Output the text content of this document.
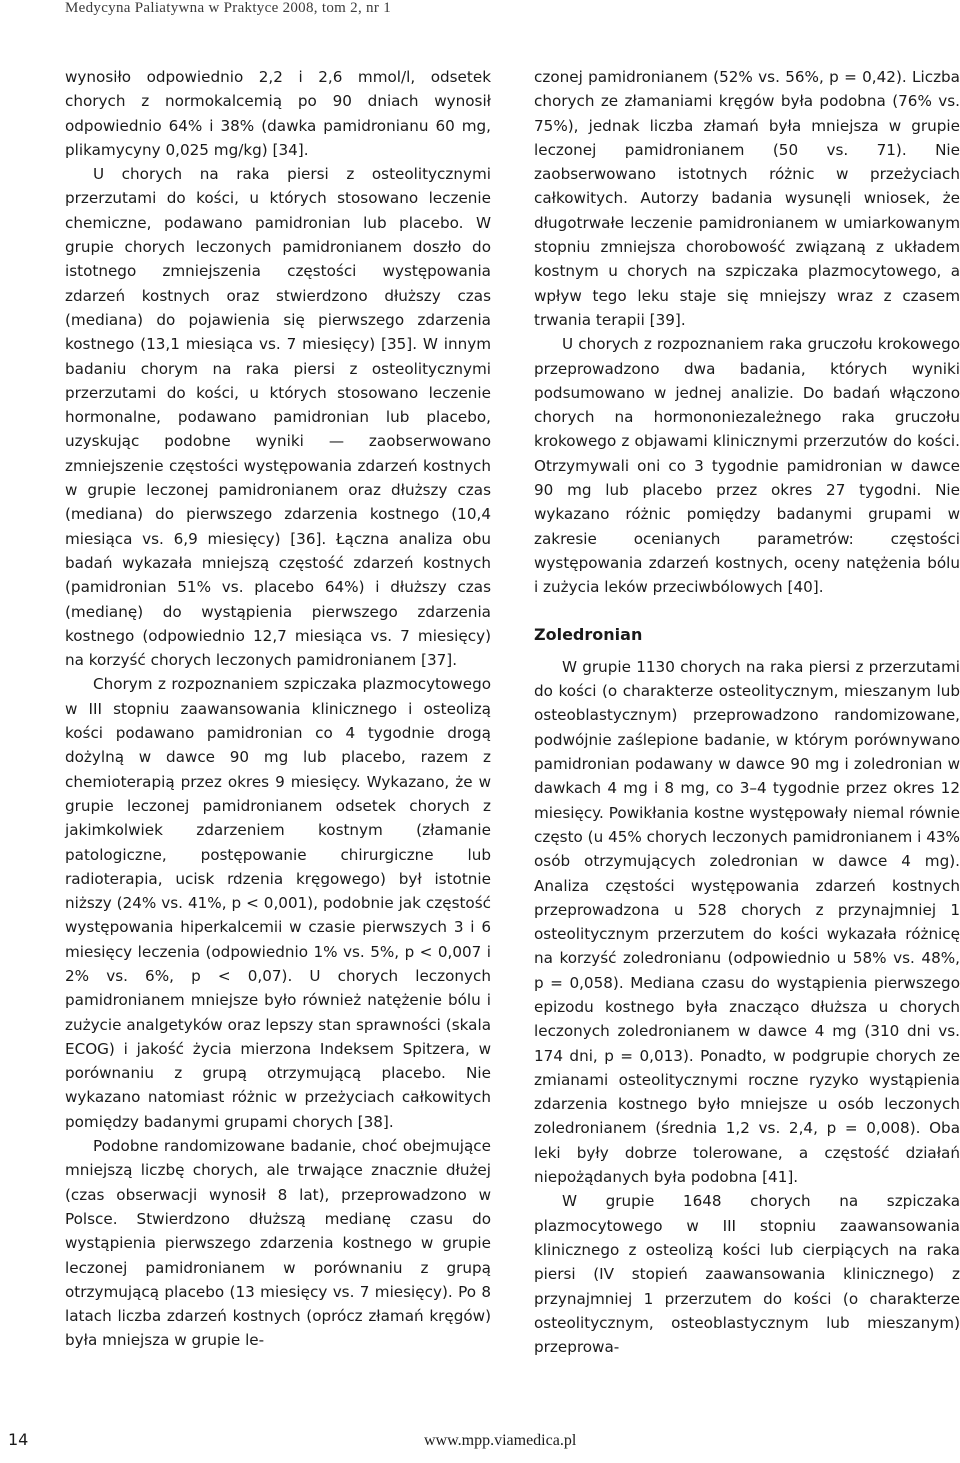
Medycyna Paliatywna w Praktyce 2008, tom 2, nr 1

wynosiło odpowiednio 2,2 i 2,6 mmol/l, odsetek chorych z normokalcemią po 90 dniach wynosił odpowiednio 64% i 38% (dawka pamidronianu 60 mg, plikamycyny 0,025 mg/kg) [34].

U chorych na raka piersi z osteolitycznymi przerzutami do kości, u których stosowano leczenie chemiczne, podawano pamidronian lub placebo. W grupie chorych leczonych pamidronianem doszło do istotnego zmniejszenia częstości występowania zdarzeń kostnych oraz stwierdzono dłuższy czas (mediana) do pojawienia się pierwszego zdarzenia kostnego (13,1 miesiąca vs. 7 miesięcy) [35]. W innym badaniu chorym na raka piersi z osteolitycznymi przerzutami do kości, u których stosowano leczenie hormonalne, podawano pamidronian lub placebo, uzyskując podobne wyniki — zaobserwowano zmniejszenie częstości występowania zdarzeń kostnych w grupie leczonej pamidronianem oraz dłuższy czas (mediana) do pierwszego zdarzenia kostnego (10,4 miesiąca vs. 6,9 miesięcy) [36]. Łączna analiza obu badań wykazała mniejszą częstość zdarzeń kostnych (pamidronian 51% vs. placebo 64%) i dłuższy czas (medianę) do wystąpienia pierwszego zdarzenia kostnego (odpowiednio 12,7 miesiąca vs. 7 miesięcy) na korzyść chorych leczonych pamidronianem [37].

Chorym z rozpoznaniem szpiczaka plazmocytowego w III stopniu zaawansowania klinicznego i osteolizą kości podawano pamidronian co 4 tygodnie drogą dożylną w dawce 90 mg lub placebo, razem z chemioterapią przez okres 9 miesięcy. Wykazano, że w grupie leczonej pamidronianem odsetek chorych z jakimkolwiek zdarzeniem kostnym (złamanie patologiczne, postępowanie chirurgiczne lub radioterapia, ucisk rdzenia kręgowego) był istotnie niższy (24% vs. 41%, p < 0,001), podobnie jak częstość występowania hiperkalcemii w czasie pierwszych 3 i 6 miesięcy leczenia (odpowiednio 1% vs. 5%, p < 0,007 i 2% vs. 6%, p < 0,07). U chorych leczonych pamidronianem mniejsze było również natężenie bólu i zużycie analgetyków oraz lepszy stan sprawności (skala ECOG) i jakość życia mierzona Indeksem Spitzera, w porównaniu z grupą otrzymującą placebo. Nie wykazano natomiast różnic w przeżyciach całkowitych pomiędzy badanymi grupami chorych [38].

Podobne randomizowane badanie, choć obejmujące mniejszą liczbę chorych, ale trwające znacznie dłużej (czas obserwacji wynosił 8 lat), przeprowadzono w Polsce. Stwierdzono dłuższą medianę czasu do wystąpienia pierwszego zdarzenia kostnego w grupie leczonej pamidronianem w porównaniu z grupą otrzymującą placebo (13 miesięcy vs. 7 miesięcy). Po 8 latach liczba zdarzeń kostnych (oprócz złamań kręgów) była mniejsza w grupie le-

czonej pamidronianem (52% vs. 56%, p = 0,42). Liczba chorych ze złamaniami kręgów była podobna (76% vs. 75%), jednak liczba złamań była mniejsza w grupie leczonej pamidronianem (50 vs. 71). Nie zaobserwowano istotnych różnic w przeżyciach całkowitych. Autorzy badania wysunęli wniosek, że długotrwałe leczenie pamidronianem w umiarkowanym stopniu zmniejsza chorobowość związaną z układem kostnym u chorych na szpiczaka plazmocytowego, a wpływ tego leku staje się mniejszy wraz z czasem trwania terapii [39].

U chorych z rozpoznaniem raka gruczołu krokowego przeprowadzono dwa badania, których wyniki podsumowano w jednej analizie. Do badań włączono chorych na hormononiezależnego raka gruczołu krokowego z objawami klinicznymi przerzutów do kości. Otrzymywali oni co 3 tygodnie pamidronian w dawce 90 mg lub placebo przez okres 27 tygodni. Nie wykazano różnic pomiędzy badanymi grupami w zakresie ocenianych parametrów: częstości występowania zdarzeń kostnych, oceny natężenia bólu i zużycia leków przeciwbólowych [40].

Zoledronian

W grupie 1130 chorych na raka piersi z przerzutami do kości (o charakterze osteolitycznym, mieszanym lub osteoblastycznym) przeprowadzono randomizowane, podwójnie zaślepione badanie, w którym porównywano pamidronian podawany w dawce 90 mg i zoledronian w dawkach 4 mg i 8 mg, co 3–4 tygodnie przez okres 12 miesięcy. Powikłania kostne występowały niemal równie często (u 45% chorych leczonych pamidronianem i 43% osób otrzymujących zoledronian w dawce 4 mg). Analiza częstości występowania zdarzeń kostnych przeprowadzona u 528 chorych z przynajmniej 1 osteolitycznym przerzutem do kości wykazała różnicę na korzyść zoledronianu (odpowiednio u 58% vs. 48%, p = 0,058). Mediana czasu do wystąpienia pierwszego epizodu kostnego była znacząco dłuższa u chorych leczonych zoledronianem w dawce 4 mg (310 dni vs. 174 dni, p = 0,013). Ponadto, w podgrupie chorych ze zmianami osteolitycznymi roczne ryzyko wystąpienia zdarzenia kostnego było mniejsze u osób leczonych zoledronianem (średnia 1,2 vs. 2,4, p = 0,008). Oba leki były dobrze tolerowane, a częstość działań niepożądanych była podobna [41].

W grupie 1648 chorych na szpiczaka plazmocytowego w III stopniu zaawansowania klinicznego z osteolizą kości lub cierpiących na raka piersi (IV stopień zaawansowania klinicznego) z przynajmniej 1 przerzutem do kości (o charakterze osteolitycznym, osteoblastycznym lub mieszanym) przeprowa-

14	www.mpp.viamedica.pl
